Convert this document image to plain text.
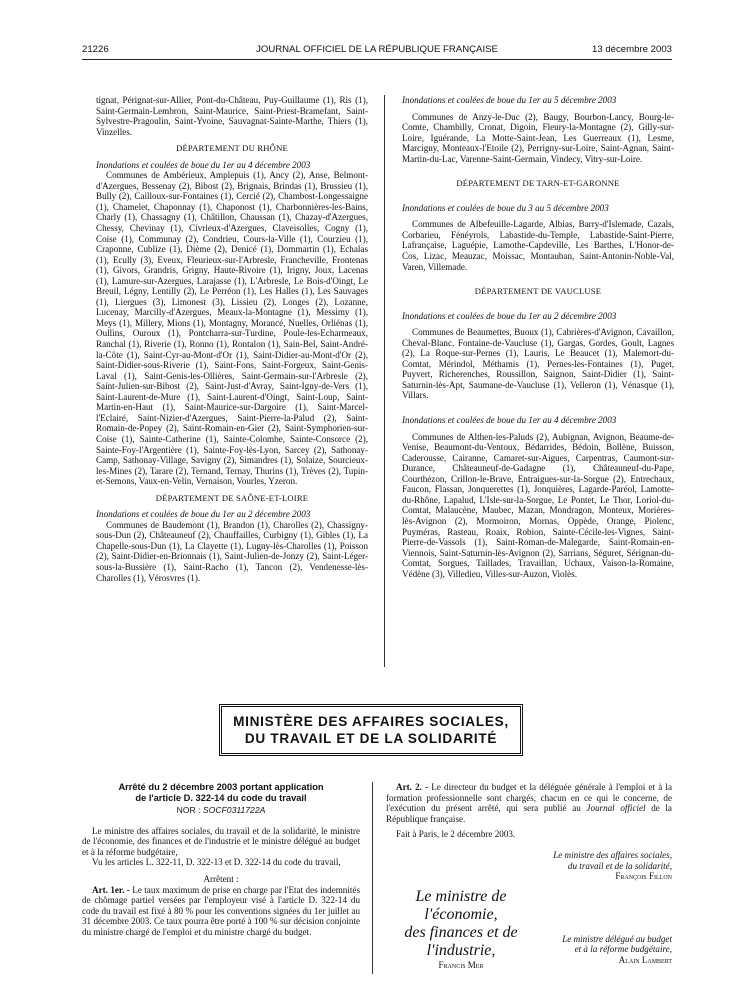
21226	JOURNAL OFFICIEL DE LA RÉPUBLIQUE FRANÇAISE	13 décembre 2003

tignat, Pérignat-sur-Allier, Pont-du-Château, Puy-Guillaume (1), Ris (1), Saint-Germain-Lembron, Saint-Maurice, Saint-Priest-Bramefant, Saint-Sylvestre-Pragoulin, Saint-Yvoine, Sauvagnat-Sainte-Marthe, Thiers (1), Vinzelles.

DÉPARTEMENT DU RHÔNE

Inondations et coulées de boue du 1er au 4 décembre 2003

Communes de Ambérieux, Amplepuis (1), Ancy (2), Anse, Belmont-d'Azergues, Bessenay (2), Bibost (2), Brignais, Brindas (1), Brussieu (1), Bully (2), Cailloux-sur-Fontaines (1), Cercié (2), Chambost-Longessaigne (1), Chamelet, Chaponnay (1), Chaponost (1), Charbonnières-les-Bains, Charly (1), Chassagny (1), Châtillon, Chaussan (1), Chazay-d'Azergues, Chessy, Chevinay (1), Civrieux-d'Azergues, Claveisolles, Cogny (1), Coise (1), Communay (2), Condrieu, Cours-la-Ville (1), Courzieu (1), Craponne, Cublize (1), Dième (2), Denicé (1), Dommartin (1), Echalas (1), Ecully (3), Eveux, Fleurieux-sur-l'Arbresle, Francheville, Frontenas (1), Givors, Grandris, Grigny, Haute-Rivoire (1), Irigny, Joux, Lacenas (1), Lamure-sur-Azergues, Larajasse (1), L'Arbresle, Le Bois-d'Oingt, Le Breuil, Légny, Lentilly (2), Le Perréon (1), Les Halles (1), Les Sauvages (1), Liergues (3), Limonest (3), Lissieu (2), Longes (2), Lozanne, Lucenay, Marcilly-d'Azergues, Meaux-la-Montagne (1), Messimy (1), Meys (1), Millery, Mions (1), Montagny, Morancé, Nuelles, Orliénas (1), Oullins, Ouroux (1), Pontcharra-sur-Turdine, Poule-les-Echarmeaux, Ranchal (1), Riverie (1), Ronno (1), Rontalon (1), Sain-Bel, Saint-André-la-Côte (1), Saint-Cyr-au-Mont-d'Or (1), Saint-Didier-au-Mont-d'Or (2), Saint-Didier-sous-Riverie (1), Saint-Fons, Saint-Forgeux, Saint-Genis-Laval (1), Saint-Genis-les-Ollières, Saint-Germain-sur-l'Arbresle (2), Saint-Julien-sur-Bibost (2), Saint-Just-d'Avray, Saint-Igny-de-Vers (1), Saint-Laurent-de-Mure (1), Saint-Laurent-d'Oingt, Saint-Loup, Saint-Martin-en-Haut (1), Saint-Maurice-sur-Dargoire (1), Saint-Marcel-l'Eclairé, Saint-Nizier-d'Azergues, Saint-Pierre-la-Palud (2), Saint-Romain-de-Popey (2), Saint-Romain-en-Gier (2), Saint-Symphorien-sur-Coise (1), Sainte-Catherine (1), Sainte-Colombe, Sainte-Consorce (2), Sainte-Foy-l'Argentière (1), Sainte-Foy-lès-Lyon, Sarcey (2), Sathonay-Camp, Sathonay-Village, Savigny (2), Simandres (1), Solaize, Sourcieux-les-Mines (2), Tarare (2), Ternand, Ternay, Thurins (1), Trèves (2), Tupin-et-Semons, Vaux-en-Velin, Vernaison, Vourles, Yzeron.

DÉPARTEMENT DE SAÔNE-ET-LOIRE

Inondations et coulées de boue du 1er au 2 décembre 2003

Communes de Baudemont (1), Brandon (1), Charolles (2), Chassigny-sous-Dun (2), Châteauneuf (2), Chauffailles, Curbigny (1), Gibles (1), La Chapelle-sous-Dun (1), La Clayette (1), Lugny-lès-Charolles (1), Poisson (2), Saint-Didier-en-Brionnais (1), Saint-Julien-de-Jonzy (2), Saint-Léger-sous-la-Bussière (1), Saint-Racho (1), Tancon (2), Vendenesse-lès-Charolles (1), Vérosvres (1).

Inondations et coulées de boue du 1er au 5 décembre 2003

Communes de Anzy-le-Duc (2), Baugy, Bourbon-Lancy, Bourg-le-Comte, Chambilly, Cronat, Digoin, Fleury-la-Montagne (2), Gilly-sur-Loire, Iguérande, La Motte-Saint-Jean, Les Guerreaux (1), Lesme, Marcigny, Monteaux-l'Etoile (2), Perrigny-sur-Loire, Saint-Agnan, Saint-Martin-du-Lac, Varenne-Saint-Germain, Vindecy, Vitry-sur-Loire.

DÉPARTEMENT DE TARN-ET-GARONNE

Inondations et coulées de boue du 3 au 5 décembre 2003

Communes de Albefeuille-Lagarde, Albias, Barry-d'Islemade, Cazals, Corbarieu, Fénéyrols, Labastide-du-Temple, Labastide-Saint-Pierre, Lafrançaise, Laguépie, Lamothe-Capdeville, Les Barthes, L'Honor-de-Cos, Lizac, Meauzac, Moissac, Montauban, Saint-Antonin-Noble-Val, Varen, Villemade.

DÉPARTEMENT DE VAUCLUSE

Inondations et coulées de boue du 1er au 2 décembre 2003

Communes de Beaumettes, Buoux (1), Cabrières-d'Avignon, Cavaillon, Cheval-Blanc, Fontaine-de-Vaucluse (1), Gargas, Gordes, Goult, Lagnes (2), La Roque-sur-Pernes (1), Lauris, Le Beaucet (1), Malemort-du-Comtat, Mérindol, Méthamis (1), Pernes-les-Fontaines (1), Puget, Puyvert, Richerenches, Roussillon, Saignon, Saint-Didier (1), Saint-Saturnin-lès-Apt, Saumane-de-Vaucluse (1), Velleron (1), Vénasque (1), Villars.

Inondations et coulées de boue du 1er au 4 décembre 2003

Communes de Althen-les-Paluds (2), Aubignan, Avignon, Beaume-de-Venise, Beaumont-du-Ventoux, Bédarrides, Bédoin, Bollène, Buisson, Caderousse, Cairanne, Camaret-sur-Aigues, Carpentras, Caumont-sur-Durance, Châteauneuf-de-Gadagne (1), Châteauneuf-du-Pape, Courthézon, Crillon-le-Brave, Entraigues-sur-la-Sorgue (2), Entrechaux, Faucon, Flassan, Jonquerettes (1), Jonquières, Lagarde-Paréol, Lamotte-du-Rhône, Lapalud, L'Isle-sur-la-Sorgue, Le Pontet, Le Thor, Loriol-du-Comtat, Malaucène, Maubec, Mazan, Mondragon, Monteux, Morières-lès-Avignon (2), Mormoiron, Mornas, Oppède, Orange, Piolenc, Puyméras, Rasteau, Roaix, Robion, Sainte-Cécile-les-Vignes, Saint-Pierre-de-Vassols (1), Saint-Roman-de-Malegarde, Saint-Romain-en-Viennois, Saint-Saturnin-lès-Avignon (2), Sarrians, Séguret, Sérignan-du-Comtat, Sorgues, Taillades, Travaillan, Uchaux, Vaison-la-Romaine, Védène (3), Villedieu, Villes-sur-Auzon, Violès.

MINISTÈRE DES AFFAIRES SOCIALES,
DU TRAVAIL ET DE LA SOLIDARITÉ
Arrêté du 2 décembre 2003 portant application
de l'article D. 322-14 du code du travail
NOR : SOCF0311722A

Le ministre des affaires sociales, du travail et de la solidarité, le ministre de l'économie, des finances et de l'industrie et le ministre délégué au budget et à la réforme budgétaire,

Vu les articles L. 322-11, D. 322-13 et D. 322-14 du code du travail,

Arrêtent :

Art. 1er. - Le taux maximum de prise en charge par l'Etat des indemnités de chômage partiel versées par l'employeur visé à l'article D. 322-14 du code du travail est fixé à 80 % pour les conventions signées du 1er juillet au 31 décembre 2003. Ce taux pourra être porté à 100 % sur décision conjointe du ministre chargé de l'emploi et du ministre chargé du budget.

Art. 2. - Le directeur du budget et la déléguée générale à l'emploi et à la formation professionnelle sont chargés, chacun en ce qui le concerne, de l'exécution du présent arrêté, qui sera publié au Journal officiel de la République française.

Fait à Paris, le 2 décembre 2003.

Le ministre des affaires sociales,
du travail et de la solidarité,
François Fillon
Le ministre délégué au budget
et à la réforme budgétaire,
Alain Lambert
Le ministre de l'économie,
des finances et de l'industrie,
Francis Mer
